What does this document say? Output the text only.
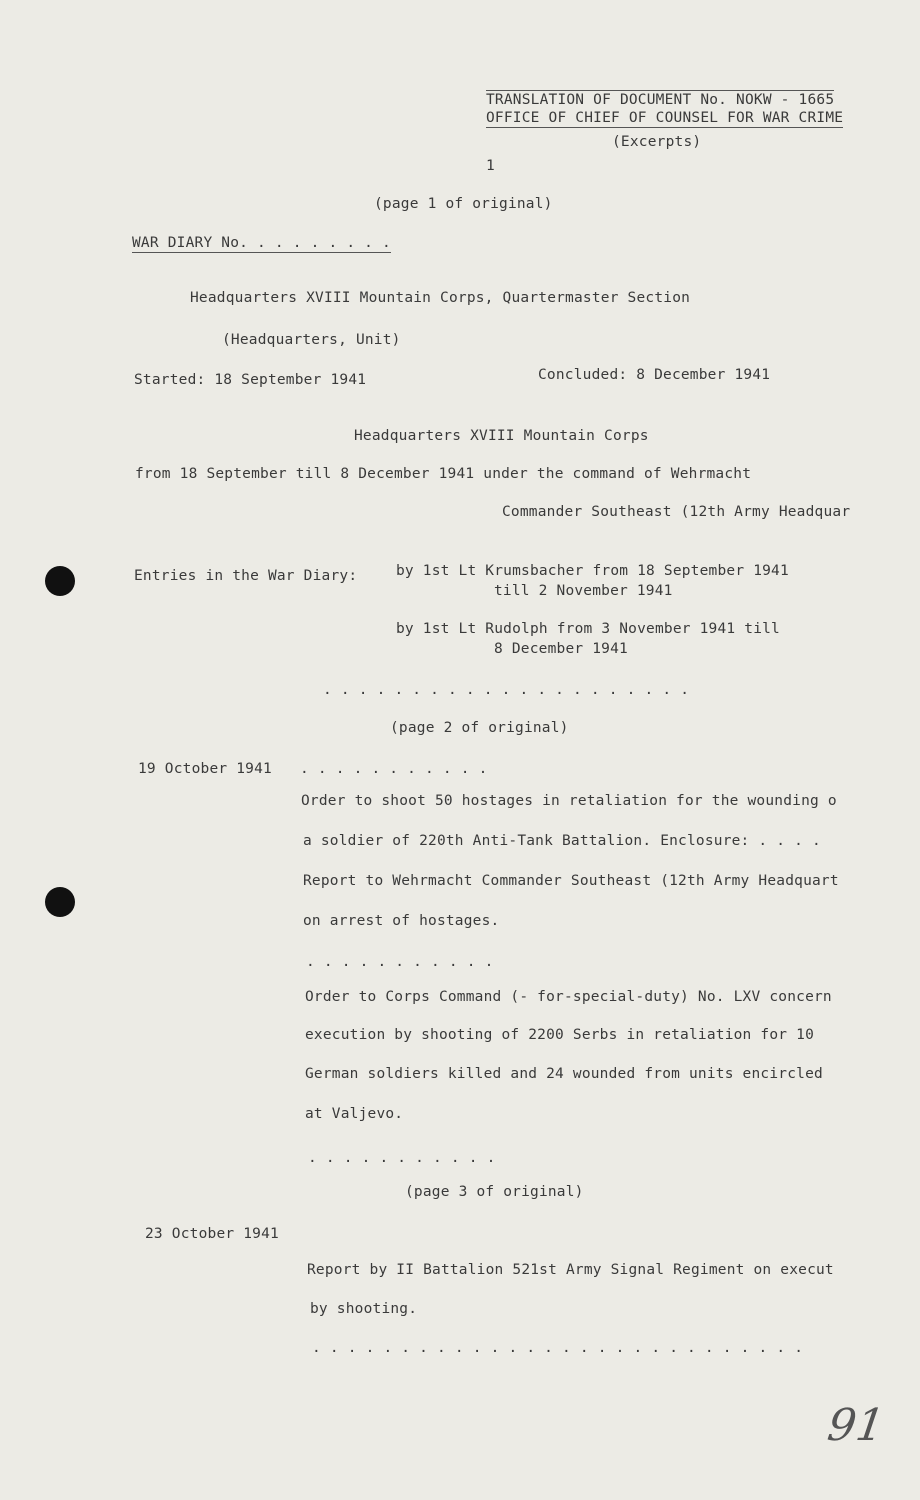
TRANSLATION OF DOCUMENT No. NOKW - 1665
OFFICE OF CHIEF OF COUNSEL FOR WAR CRIME
(Excerpts)
1
(page 1 of original)
WAR DIARY No. . . . . . . . .
Headquarters XVIII Mountain Corps, Quartermaster Section
(Headquarters, Unit)
Started: 18 September 1941	Concluded: 8 December 1941
Headquarters XVIII Mountain Corps
from 18 September till 8 December 1941 under the command of Wehrmacht
Commander Southeast (12th Army Headquar
Entries in the War Diary:	by 1st Lt Krumsbacher from 18 September 1941
till 2 November 1941
by 1st Lt Rudolph from 3 November 1941 till
8 December 1941
. . . . . . . . . . . . . . . . . . . . .
(page 2 of original)
19 October 1941 . . . . . . . . . . .
Order to shoot 50 hostages in retaliation for the wounding o
a soldier of 220th Anti-Tank Battalion. Enclosure: . . . .
Report to Wehrmacht Commander Southeast (12th Army Headquart
on arrest of hostages.
. . . . . . . . . . .
Order to Corps Command (- for-special-duty) No. LXV concern
execution by shooting of 2200 Serbs in retaliation for 10
German soldiers killed and 24 wounded from units encircled
at Valjevo.
. . . . . . . . . . .
(page 3 of original)
23 October 1941
Report by II Battalion 521st Army Signal Regiment on execut
by shooting.
. . . . . . . . . . . . . . . . . . . . . . . . . . . .
91
